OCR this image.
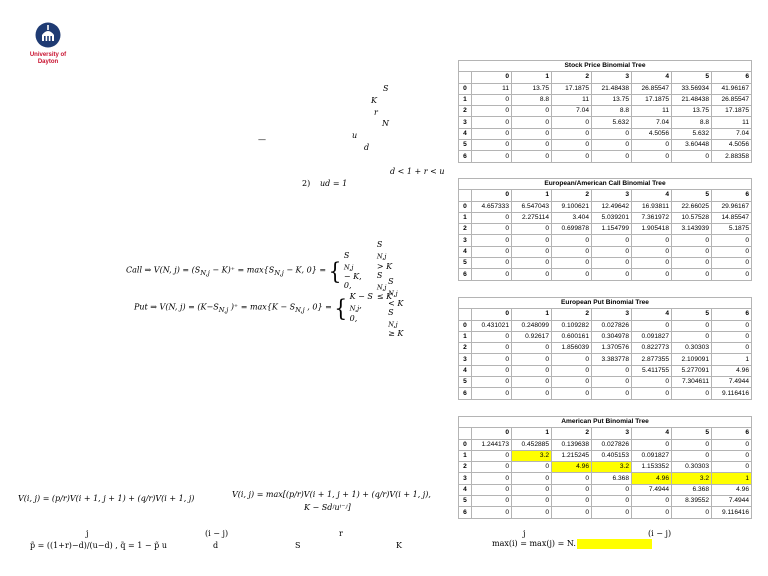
University of
Dayton
S
K
r
N
—	u
d
d < 1 + r < u
2) ud = 1
Call ⇒ V(N, $j) = (S_{N,j} - K)^+ = \max\{S_{N,j} - K$, 0} = {
S
$_{N,j}$
− K,
0,

S
$_{N,j}$
> K
S
$_{N,j}$
≤ K
Put ⇒ V(N, $j) = (K-S_{N,j}$ )⁺ = $\max\{K - S_{N,j}$ , 0} = { K − S
$_{N,j}$,
0,

S
$_{N,j}$
< K
S
$_{N,j}$
≥ K
V(i, j) = (p/r)V(i + 1, j + 1) + (q/r)V(i + 1, j)	V(i, j) = max[(p/r)V(i + 1, j + 1) + (q/r)V(i + 1, j),
K − Sdʲuⁱ⁻ʲ]
j
p̃ = ((1+r)−d)/(u−d) , q̃ = 1 − p̃ u
(i − j)
d
r
S	K
j	(i − j)
max(i) = max(j) = N.
Stock Price Binomial Tree							
	0	1	2	3	4	5	6
0	11	13.75	17.1875	21.48438	26.85547	33.56934	41.96167
1	0	8.8	11	13.75	17.1875	21.48438	26.85547
2	0	0	7.04	8.8	11	13.75	17.1875
3	0	0	0	5.632	7.04	8.8	11
4	0	0	0	0	4.5056	5.632	7.04
5	0	0	0	0	0	3.60448	4.5056
6	0	0	0	0	0	0	2.88358
European/American Call Binomial Tree							
	0	1	2	3	4	5	6
0	4.657333	6.547043	9.100621	12.49642	16.93811	22.66025	29.96167
1	0	2.275114	3.404	5.039201	7.361972	10.57528	14.85547
2	0	0	0.699878	1.154799	1.905418	3.143939	5.1875
3	0	0	0	0	0	0	0
4	0	0	0	0	0	0	0
5	0	0	0	0	0	0	0
6	0	0	0	0	0	0	0
European Put Binomial Tree							
	0	1	2	3	4	5	6
0	0.431021	0.248099	0.109282	0.027826	0	0	0
1	0	0.92617	0.600161	0.304978	0.091827	0	0
2	0	0	1.856039	1.370576	0.822773	0.30303	0
3	0	0	0	3.383778	2.877355	2.109091	1
4	0	0	0	0	5.411755	5.277091	4.96
5	0	0	0	0	0	7.304611	7.4944
6	0	0	0	0	0	0	9.116416
American Put Binomial Tree							
	0	1	2	3	4	5	6
0	1.244173	0.452885	0.139638	0.027826	0	0	0
1	0	3.2	1.215245	0.405153	0.091827	0	0
2	0	0	4.96	3.2	1.153352	0.30303	0
3	0	0	0	6.368	4.96	3.2	1
4	0	0	0	0	7.4944	6.368	4.96
5	0	0	0	0	0	8.39552	7.4944
6	0	0	0	0	0	0	9.116416
